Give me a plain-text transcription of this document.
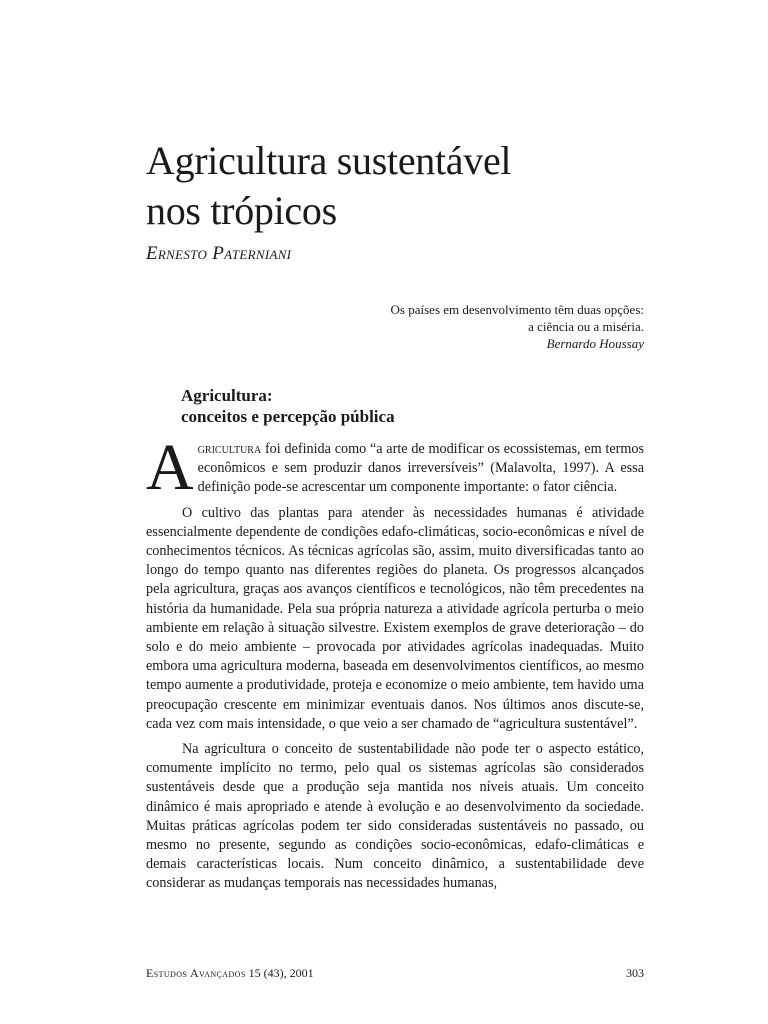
Agricultura sustentável
nos trópicos
Ernesto Paterniani
Os países em desenvolvimento têm duas opções:
a ciência ou a miséria.
Bernardo Houssay
Agricultura:
conceitos e percepção pública

Agricultura foi definida como “a arte de modificar os ecossistemas, em termos econômicos e sem produzir danos irreversíveis” (Malavolta, 1997). A essa definição pode-se acrescentar um componente importante: o fator ciência.

O cultivo das plantas para atender às necessidades humanas é atividade essencialmente dependente de condições edafo-climáticas, socio-econômicas e nível de conhecimentos técnicos. As técnicas agrícolas são, assim, muito diversificadas tanto ao longo do tempo quanto nas diferentes regiões do planeta. Os progressos alcançados pela agricultura, graças aos avanços científicos e tecnológicos, não têm precedentes na história da humanidade. Pela sua própria natureza a atividade agrícola perturba o meio ambiente em relação à situação silvestre. Existem exemplos de grave deterioração – do solo e do meio ambiente – provocada por atividades agrícolas inadequadas. Muito embora uma agricultura moderna, baseada em desenvolvimentos científicos, ao mesmo tempo aumente a produtividade, proteja e economize o meio ambiente, tem havido uma preocupação crescente em minimizar eventuais danos. Nos últimos anos discute-se, cada vez com mais intensidade, o que veio a ser chamado de “agricultura sustentável”.

Na agricultura o conceito de sustentabilidade não pode ter o aspecto estático, comumente implícito no termo, pelo qual os sistemas agrícolas são considerados sustentáveis desde que a produção seja mantida nos níveis atuais. Um conceito dinâmico é mais apropriado e atende à evolução e ao desenvolvimento da sociedade. Muitas práticas agrícolas podem ter sido consideradas sustentáveis no passado, ou mesmo no presente, segundo as condições socio-econômicas, edafo-climáticas e demais características locais. Num conceito dinâmico, a sustentabilidade deve considerar as mudanças temporais nas necessidades humanas,

Estudos Avançados 15 (43), 2001	303
